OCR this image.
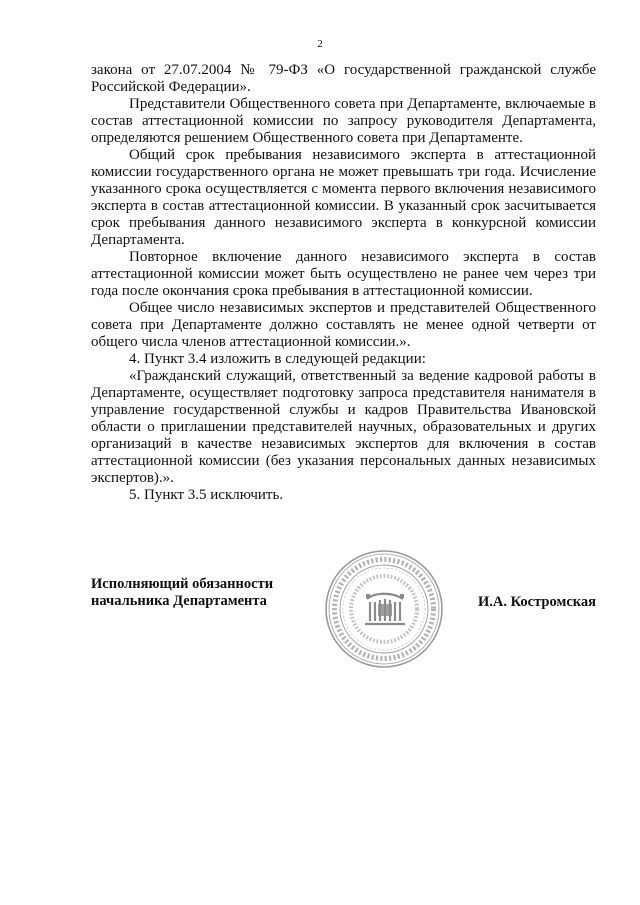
2

закона от 27.07.2004 № 79-ФЗ «О государственной гражданской службе Российской Федерации».

Представители Общественного совета при Департаменте, включаемые в состав аттестационной комиссии по запросу руководителя Департамента, определяются решением Общественного совета при Департаменте.

Общий срок пребывания независимого эксперта в аттестационной комиссии государственного органа не может превышать три года. Исчисление указанного срока осуществляется с момента первого включения независимого эксперта в состав аттестационной комиссии. В указанный срок засчитывается срок пребывания данного независимого эксперта в конкурсной комиссии Департамента.

Повторное включение данного независимого эксперта в состав аттестационной комиссии может быть осуществлено не ранее чем через три года после окончания срока пребывания в аттестационной комиссии.

Общее число независимых экспертов и представителей Общественного совета при Департаменте должно составлять не менее одной четверти от общего числа членов аттестационной комиссии.».

4. Пункт 3.4 изложить в следующей редакции:

«Гражданский служащий, ответственный за ведение кадровой работы в Департаменте, осуществляет подготовку запроса представителя нанимателя в управление государственной службы и кадров Правительства Ивановской области о приглашении представителей научных, образовательных и других организаций в качестве независимых экспертов для включения в состав аттестационной комиссии (без указания персональных данных независимых экспертов).».

5. Пункт 3.5 исключить.

Исполняющий обязанности
начальника Департамента	И.А. Костромская
